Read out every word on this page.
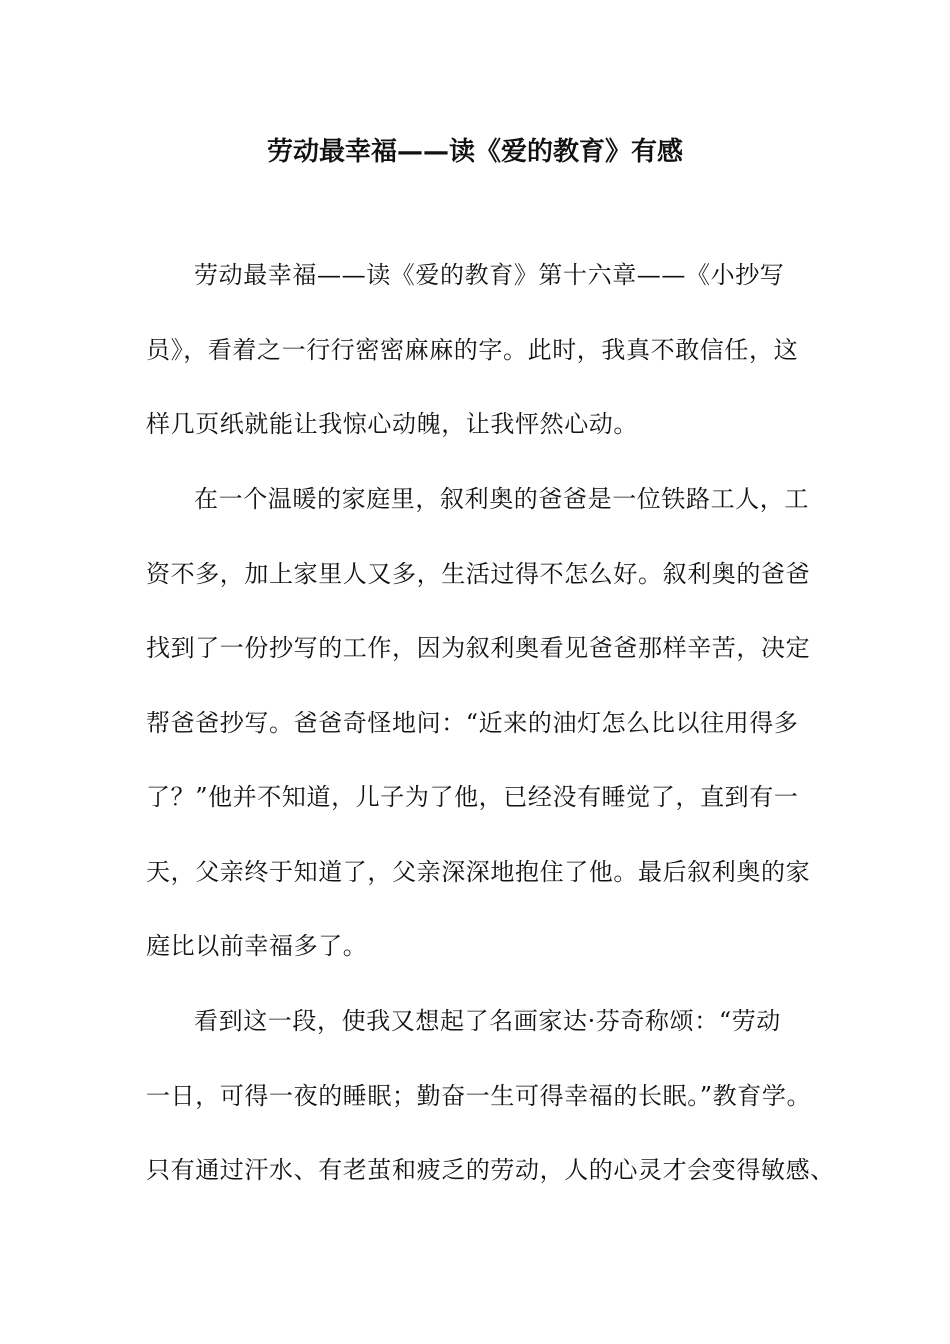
劳动最幸福——读《爱的教育》有感
劳动最幸福——读《爱的教育》第十六章——《小抄写
员》，看着之一行行密密麻麻的字。此时，我真不敢信任，这
样几页纸就能让我惊心动魄，让我怦然心动。
在一个温暖的家庭里，叙利奥的爸爸是一位铁路工人，工
资不多，加上家里人又多，生活过得不怎么好。叙利奥的爸爸
找到了一份抄写的工作，因为叙利奥看见爸爸那样辛苦，决定
帮爸爸抄写。爸爸奇怪地问：“近来的油灯怎么比以往用得多
了？”他并不知道，儿子为了他，已经没有睡觉了，直到有一
天，父亲终于知道了，父亲深深地抱住了他。最后叙利奥的家
庭比以前幸福多了。
看到这一段，使我又想起了名画家达·芬奇称颂：“劳动
一日，可得一夜的睡眠；勤奋一生可得幸福的长眠。”教育学。
只有通过汗水、有老茧和疲乏的劳动，人的心灵才会变得敏感、
